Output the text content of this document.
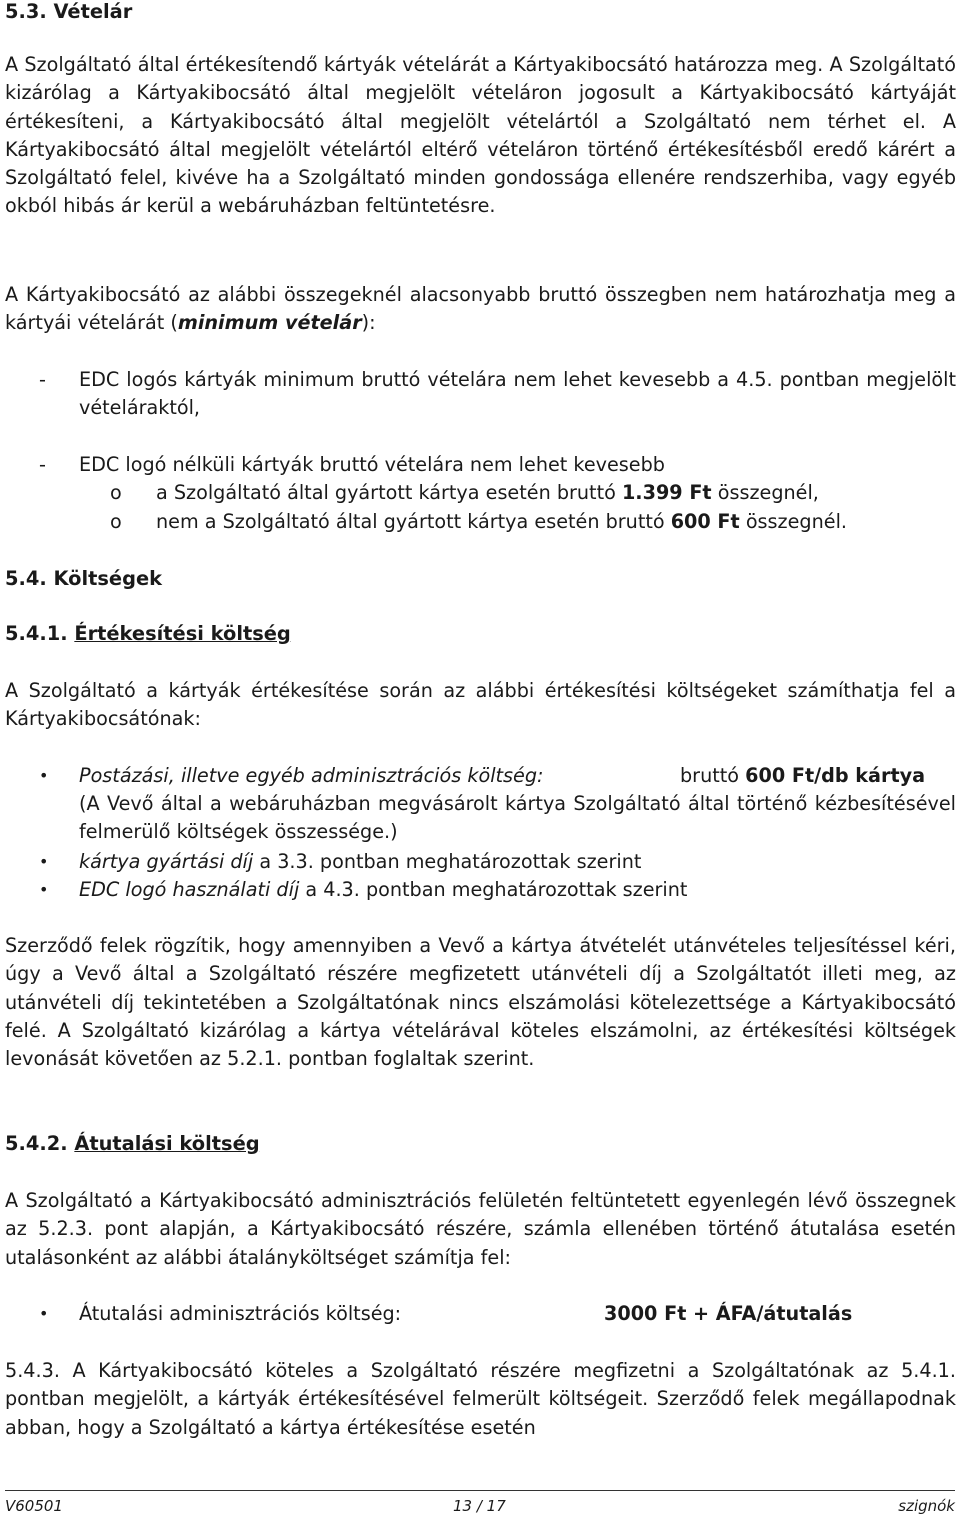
5.3. Vételár

A Szolgáltató által értékesítendő kártyák vételárát a Kártyakibocsátó határozza meg. A Szolgáltató kizárólag a Kártyakibocsátó által megjelölt vételáron jogosult a Kártyakibocsátó kártyáját értékesíteni, a Kártyakibocsátó által megjelölt vételártól a Szolgáltató nem térhet el. A Kártyakibocsátó által megjelölt vételártól eltérő vételáron történő értékesítésből eredő kárért a Szolgáltató felel, kivéve ha a Szolgáltató minden gondossága ellenére rendszerhiba, vagy egyéb okból hibás ár kerül a webáruházban feltüntetésre.

A Kártyakibocsátó az alábbi összegeknél alacsonyabb bruttó összegben nem határozhatja meg a kártyái vételárát (minimum vételár):

- EDC logós kártyák minimum bruttó vételára nem lehet kevesebb a 4.5. pontban megjelölt vételáraktól,
- EDC logó nélküli kártyák bruttó vételára nem lehet kevesebb
o a Szolgáltató által gyártott kártya esetén bruttó 1.399 Ft összegnél,
o nem a Szolgáltató által gyártott kártya esetén bruttó 600 Ft összegnél.
5.4. Költségek
5.4.1. Értékesítési költség

A Szolgáltató a kártyák értékesítése során az alábbi értékesítési költségeket számíthatja fel a Kártyakibocsátónak:

• Postázási, illetve egyéb adminisztrációs költség:	bruttó 600 Ft/db kártya
(A Vevő által a webáruházban megvásárolt kártya Szolgáltató által történő kézbesítésével felmerülő költségek összessége.)
• kártya gyártási díj a 3.3. pontban meghatározottak szerint
• EDC logó használati díj a 4.3. pontban meghatározottak szerint

Szerződő felek rögzítik, hogy amennyiben a Vevő a kártya átvételét utánvételes teljesítéssel kéri, úgy a Vevő által a Szolgáltató részére megfizetett utánvételi díj a Szolgáltatót illeti meg, az utánvételi díj tekintetében a Szolgáltatónak nincs elszámolási kötelezettsége a Kártyakibocsátó felé. A Szolgáltató kizárólag a kártya vételárával köteles elszámolni, az értékesítési költségek levonását követően az 5.2.1. pontban foglaltak szerint.

5.4.2. Átutalási költség

A Szolgáltató a Kártyakibocsátó adminisztrációs felületén feltüntetett egyenlegén lévő összegnek az 5.2.3. pont alapján, a Kártyakibocsátó részére, számla ellenében történő átutalása esetén utalásonként az alábbi átalányköltséget számítja fel:

• Átutalási adminisztrációs költség:	3000 Ft + ÁFA/átutalás

5.4.3. A Kártyakibocsátó köteles a Szolgáltató részére megfizetni a Szolgáltatónak az 5.4.1. pontban megjelölt, a kártyák értékesítésével felmerült költségeit. Szerződő felek megállapodnak abban, hogy a Szolgáltató a kártya értékesítése esetén

V60501	13 / 17	szignók
